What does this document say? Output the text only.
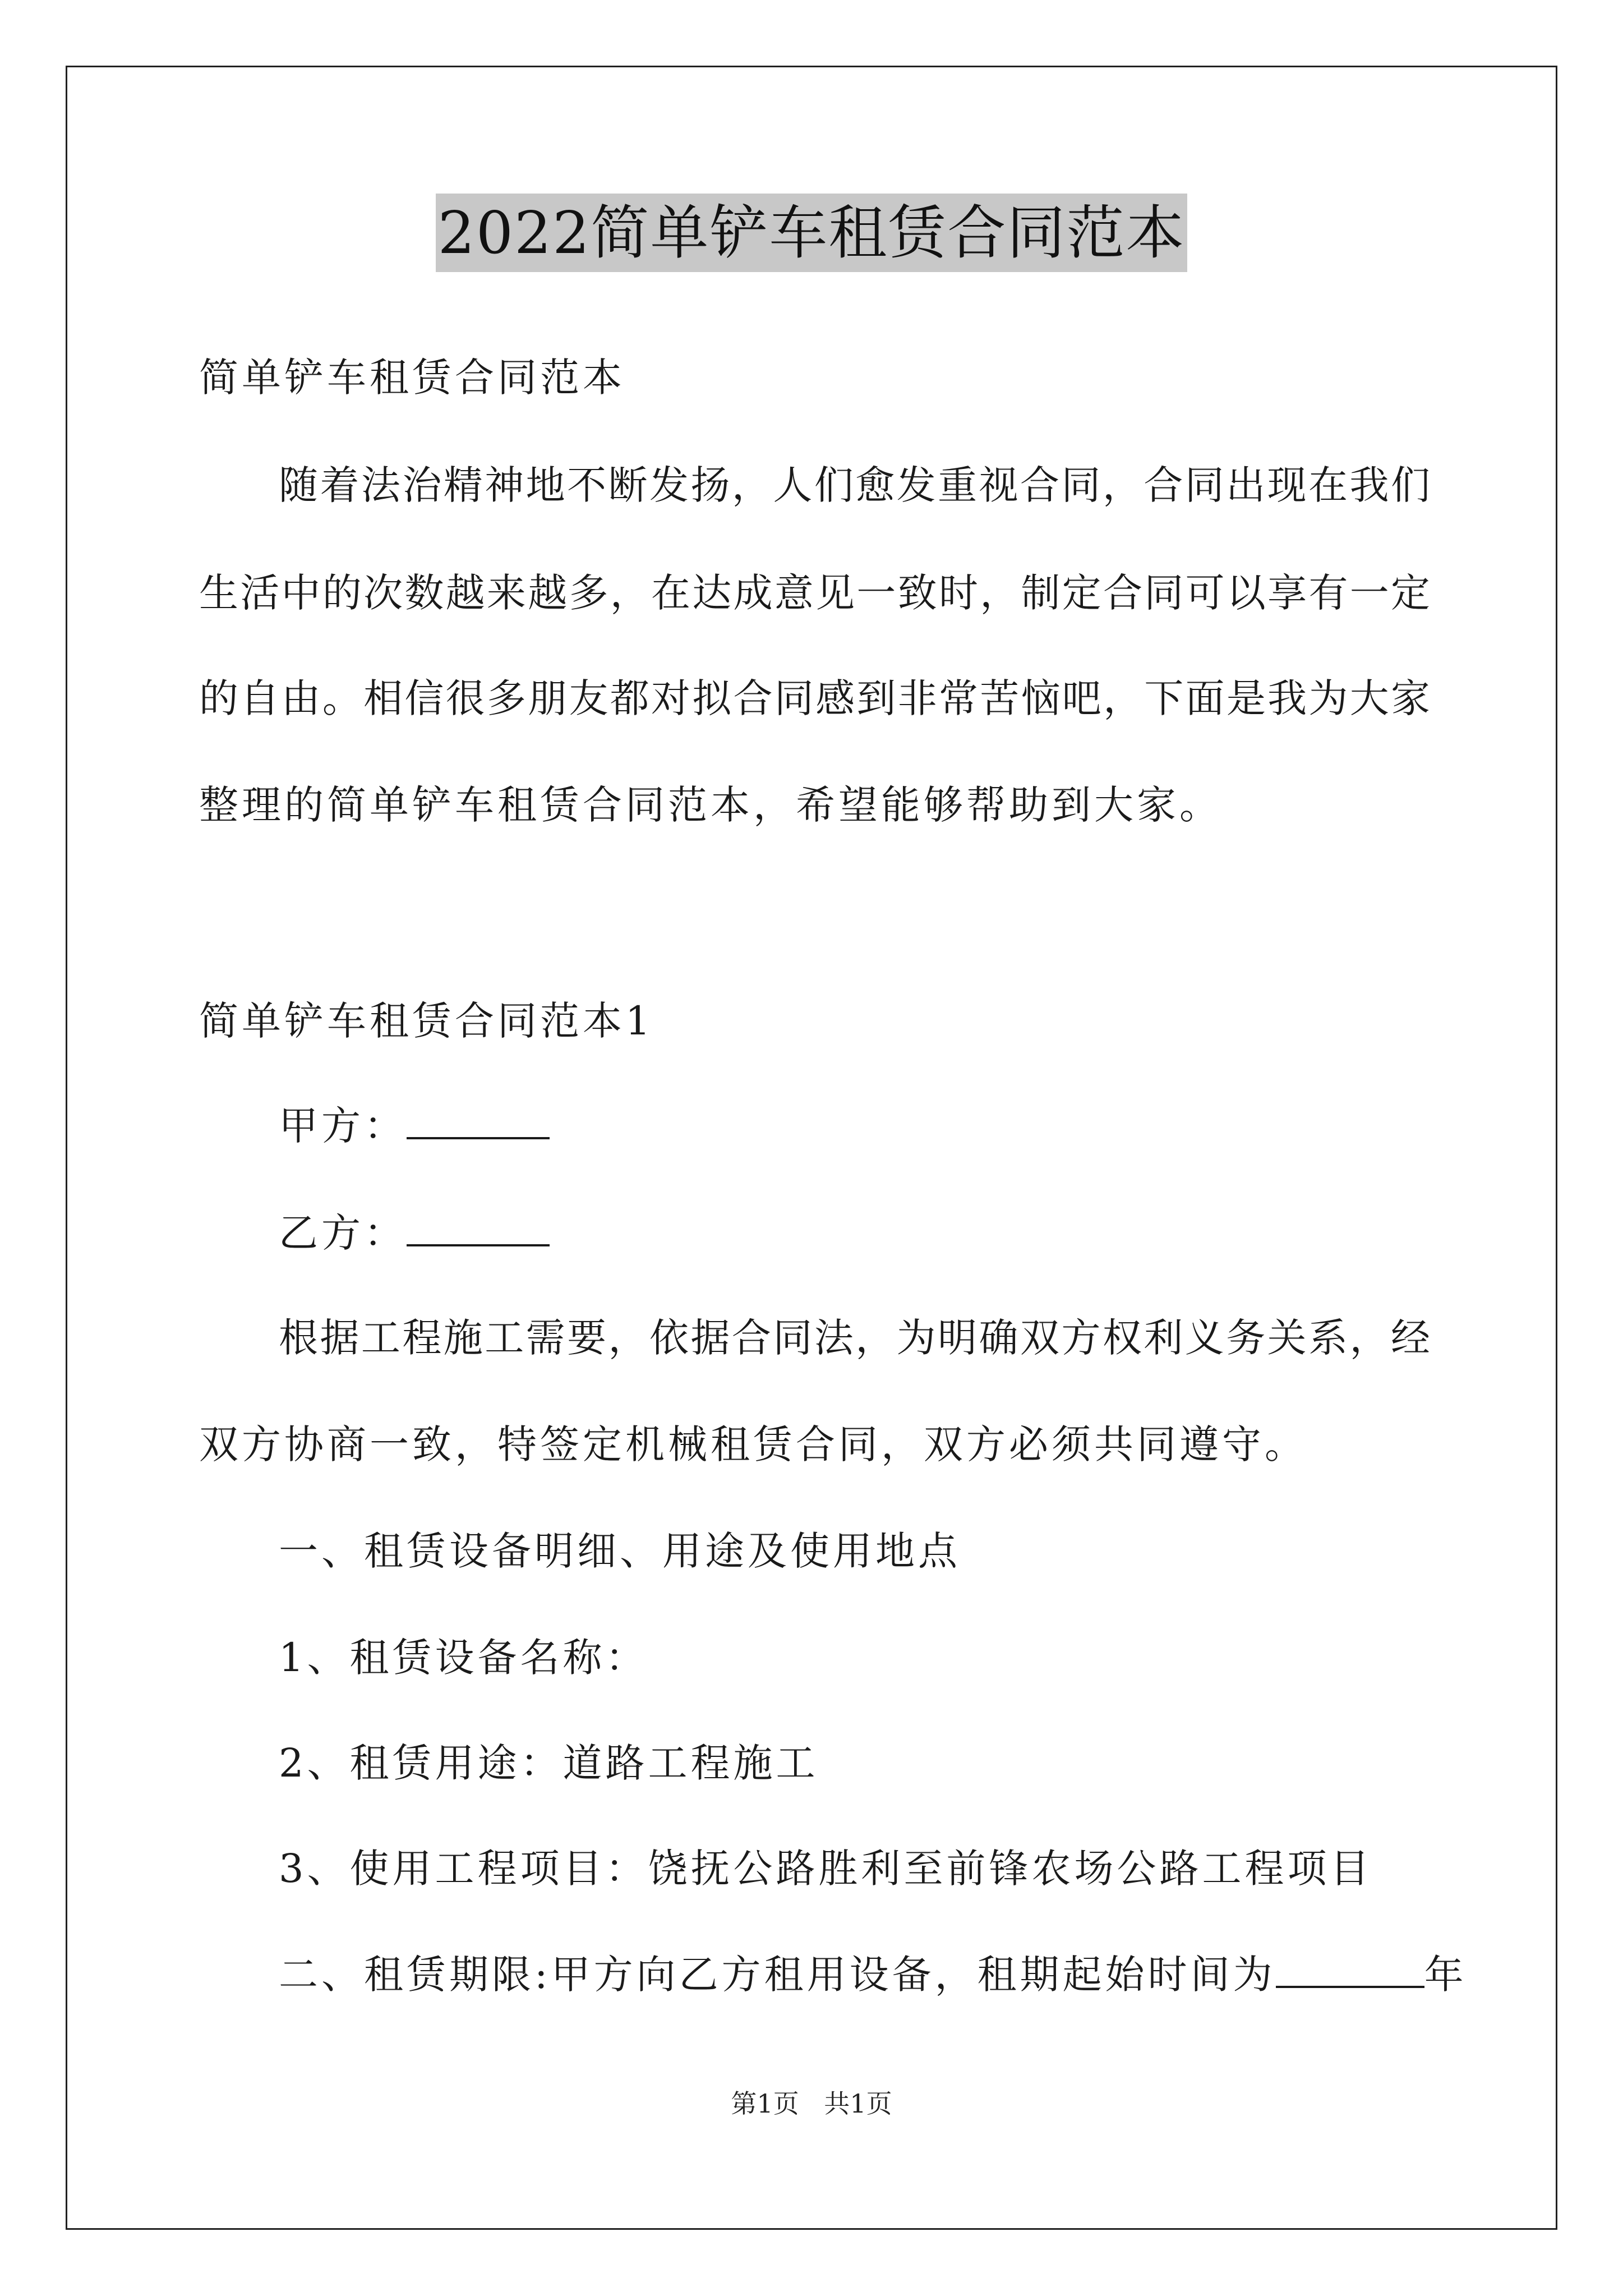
2022简单铲车租赁合同范本
简单铲车租赁合同范本
随着法治精神地不断发扬，人们愈发重视合同，合同出现在我们
生活中的次数越来越多，在达成意见一致时，制定合同可以享有一定
的自由。相信很多朋友都对拟合同感到非常苦恼吧，下面是我为大家
整理的简单铲车租赁合同范本，希望能够帮助到大家。
简单铲车租赁合同范本1
甲方：
乙方：
根据工程施工需要，依据合同法，为明确双方权利义务关系，经
双方协商一致，特签定机械租赁合同，双方必须共同遵守。
一、租赁设备明细、用途及使用地点
1、租赁设备名称：
2、租赁用途：道路工程施工
3、使用工程项目：饶抚公路胜利至前锋农场公路工程项目
二、租赁期限:甲方向乙方租用设备，租期起始时间为	年
第1页 共1页
